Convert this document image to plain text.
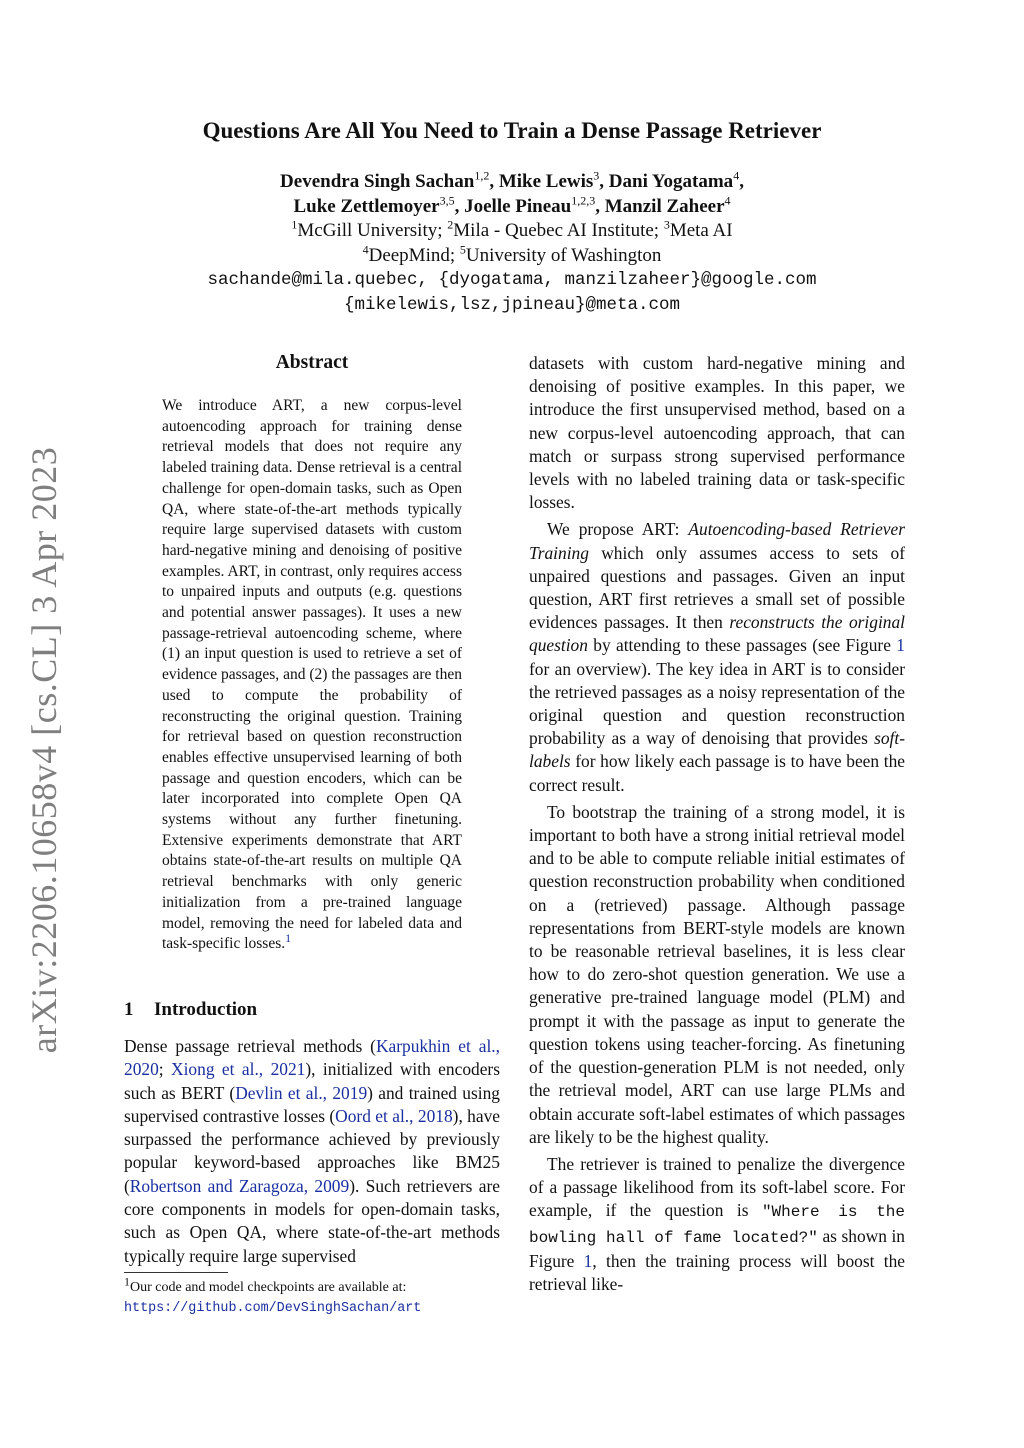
arXiv:2206.10658v4 [cs.CL] 3 Apr 2023
Questions Are All You Need to Train a Dense Passage Retriever
Devendra Singh Sachan$^{1,2}$, Mike Lewis$^3$, Dani Yogatama$^4$,
Luke Zettlemoyer$^{3,5}$, Joelle Pineau$^{1,2,3}$, Manzil Zaheer$^4$
$^1$McGill University; $^2$Mila - Quebec AI Institute; $^3$Meta AI
$^4$DeepMind; $^5$University of Washington
sachande@mila.quebec, {dyogatama, manzilzaheer}@google.com
{mikelewis,lsz,jpineau}@meta.com
Abstract
We introduce ART, a new corpus-level autoencoding approach for training dense retrieval models that does not require any labeled training data. Dense retrieval is a central challenge for open-domain tasks, such as Open QA, where state-of-the-art methods typically require large supervised datasets with custom hard-negative mining and denoising of positive examples. ART, in contrast, only requires access to unpaired inputs and outputs (e.g. questions and potential answer passages). It uses a new passage-retrieval autoencoding scheme, where (1) an input question is used to retrieve a set of evidence passages, and (2) the passages are then used to compute the probability of reconstructing the original question. Training for retrieval based on question reconstruction enables effective unsupervised learning of both passage and question encoders, which can be later incorporated into complete Open QA systems without any further finetuning. Extensive experiments demonstrate that ART obtains state-of-the-art results on multiple QA retrieval benchmarks with only generic initialization from a pre-trained language model, removing the need for labeled data and task-specific losses.$^1$
1 Introduction
Dense passage retrieval methods (Karpukhin et al., 2020; Xiong et al., 2021), initialized with encoders such as BERT (Devlin et al., 2019) and trained using supervised contrastive losses (Oord et al., 2018), have surpassed the performance achieved by previously popular keyword-based approaches like BM25 (Robertson and Zaragoza, 2009). Such retrievers are core components in models for open-domain tasks, such as Open QA, where state-of-the-art methods typically require large supervised
$^1$Our code and model checkpoints are available at:
https://github.com/DevSinghSachan/art

datasets with custom hard-negative mining and denoising of positive examples. In this paper, we introduce the first unsupervised method, based on a new corpus-level autoencoding approach, that can match or surpass strong supervised performance levels with no labeled training data or task-specific losses.

We propose ART: Autoencoding-based Retriever Training which only assumes access to sets of unpaired questions and passages. Given an input question, ART first retrieves a small set of possible evidences passages. It then reconstructs the original question by attending to these passages (see Figure 1 for an overview). The key idea in ART is to consider the retrieved passages as a noisy representation of the original question and question reconstruction probability as a way of denoising that provides soft-labels for how likely each passage is to have been the correct result.

To bootstrap the training of a strong model, it is important to both have a strong initial retrieval model and to be able to compute reliable initial estimates of question reconstruction probability when conditioned on a (retrieved) passage. Although passage representations from BERT-style models are known to be reasonable retrieval baselines, it is less clear how to do zero-shot question generation. We use a generative pre-trained language model (PLM) and prompt it with the passage as input to generate the question tokens using teacher-forcing. As finetuning of the question-generation PLM is not needed, only the retrieval model, ART can use large PLMs and obtain accurate soft-label estimates of which passages are likely to be the highest quality.

The retriever is trained to penalize the divergence of a passage likelihood from its soft-label score. For example, if the question is "Where is the bowling hall of fame located?" as shown in Figure 1, then the training process will boost the retrieval like-
